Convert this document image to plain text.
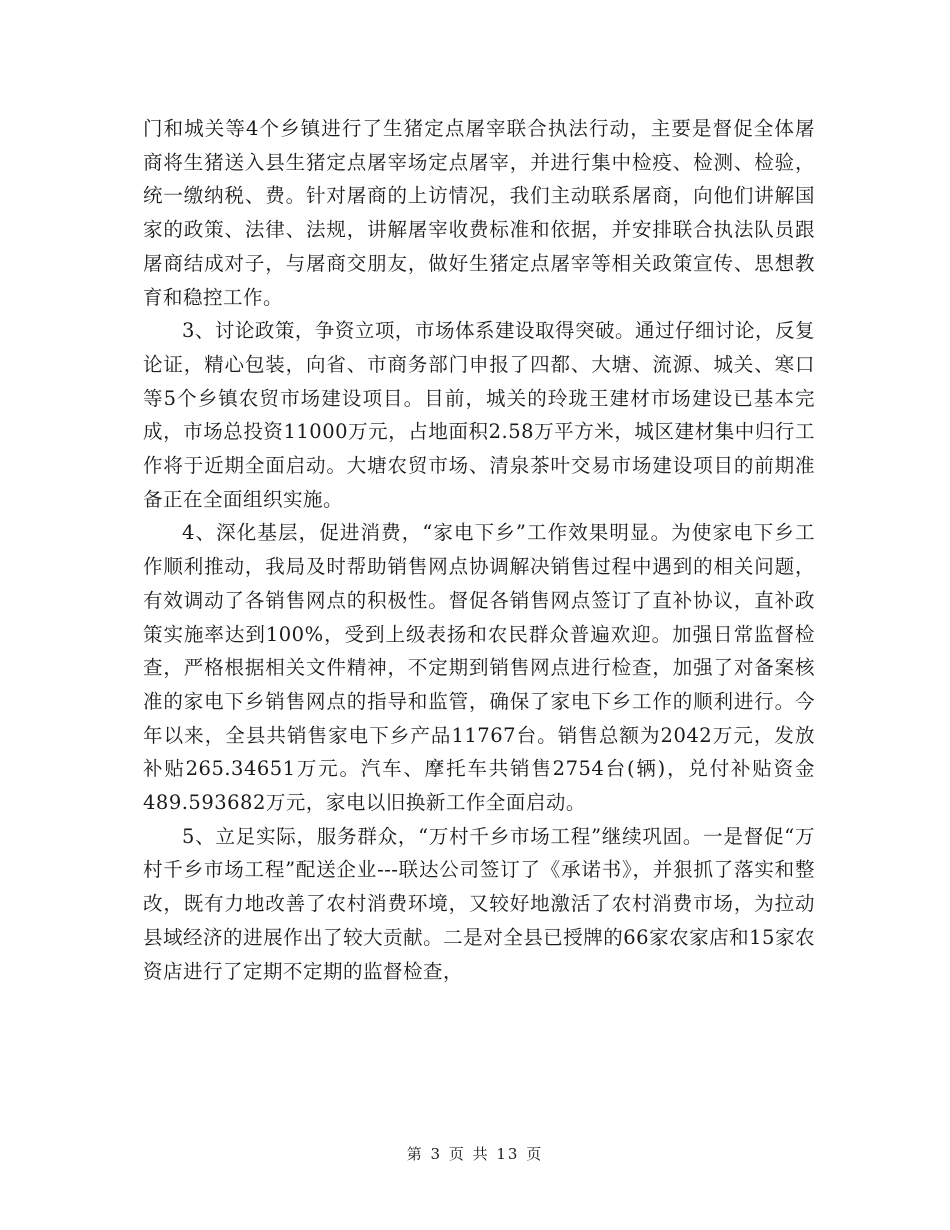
门和城关等4个乡镇进行了生猪定点屠宰联合执法行动，主要是督促全体屠商将生猪送入县生猪定点屠宰场定点屠宰，并进行集中检疫、检测、检验，统一缴纳税、费。针对屠商的上访情况，我们主动联系屠商，向他们讲解国家的政策、法律、法规，讲解屠宰收费标准和依据，并安排联合执法队员跟屠商结成对子，与屠商交朋友，做好生猪定点屠宰等相关政策宣传、思想教育和稳控工作。

3、讨论政策，争资立项，市场体系建设取得突破。通过仔细讨论，反复论证，精心包装，向省、市商务部门申报了四都、大塘、流源、城关、寒口等5个乡镇农贸市场建设项目。目前，城关的玲珑王建材市场建设已基本完成，市场总投资11000万元，占地面积2.58万平方米，城区建材集中归行工作将于近期全面启动。大塘农贸市场、清泉茶叶交易市场建设项目的前期准备正在全面组织实施。

4、深化基层，促进消费，“家电下乡”工作效果明显。为使家电下乡工作顺利推动，我局及时帮助销售网点协调解决销售过程中遇到的相关问题，有效调动了各销售网点的积极性。督促各销售网点签订了直补协议，直补政策实施率达到100%，受到上级表扬和农民群众普遍欢迎。加强日常监督检查，严格根据相关文件精神，不定期到销售网点进行检查，加强了对备案核准的家电下乡销售网点的指导和监管，确保了家电下乡工作的顺利进行。今年以来，全县共销售家电下乡产品11767台。销售总额为2042万元，发放补贴265.34651万元。汽车、摩托车共销售2754台(辆)，兑付补贴资金489.593682万元，家电以旧换新工作全面启动。

5、立足实际，服务群众，“万村千乡市场工程”继续巩固。一是督促“万村千乡市场工程”配送企业---联达公司签订了《承诺书》，并狠抓了落实和整改，既有力地改善了农村消费环境，又较好地激活了农村消费市场，为拉动县域经济的进展作出了较大贡献。二是对全县已授牌的66家农家店和15家农资店进行了定期不定期的监督检查，

第 3 页 共 13 页
